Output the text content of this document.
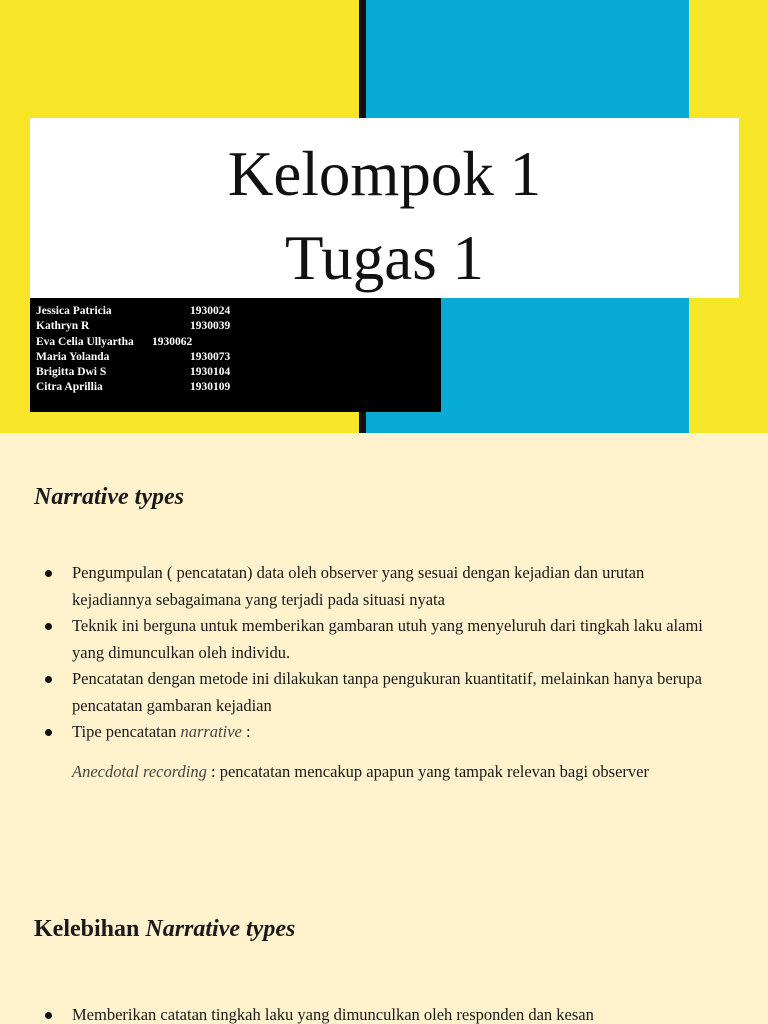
Kelompok 1
Tugas 1
Jessica Patricia	1930024
Kathryn R	1930039
Eva Celia Ullyartha 1930062
Maria Yolanda	1930073
Brigitta Dwi S	1930104
Citra Aprillia	1930109
Narrative types
Pengumpulan ( pencatatan) data oleh observer yang sesuai dengan kejadian dan urutan kejadiannya sebagaimana yang terjadi pada situasi nyata
Teknik ini berguna untuk memberikan gambaran utuh yang menyeluruh dari tingkah laku alami yang dimunculkan oleh individu.
Pencatatan dengan metode ini dilakukan tanpa pengukuran kuantitatif, melainkan hanya berupa pencatatan gambaran kejadian
Tipe pencatatan narrative :

Anecdotal recording : pencatatan mencakup apapun yang tampak relevan bagi observer

Kelebihan Narrative types
Memberikan catatan tingkah laku yang dimunculkan oleh responden dan kesan
